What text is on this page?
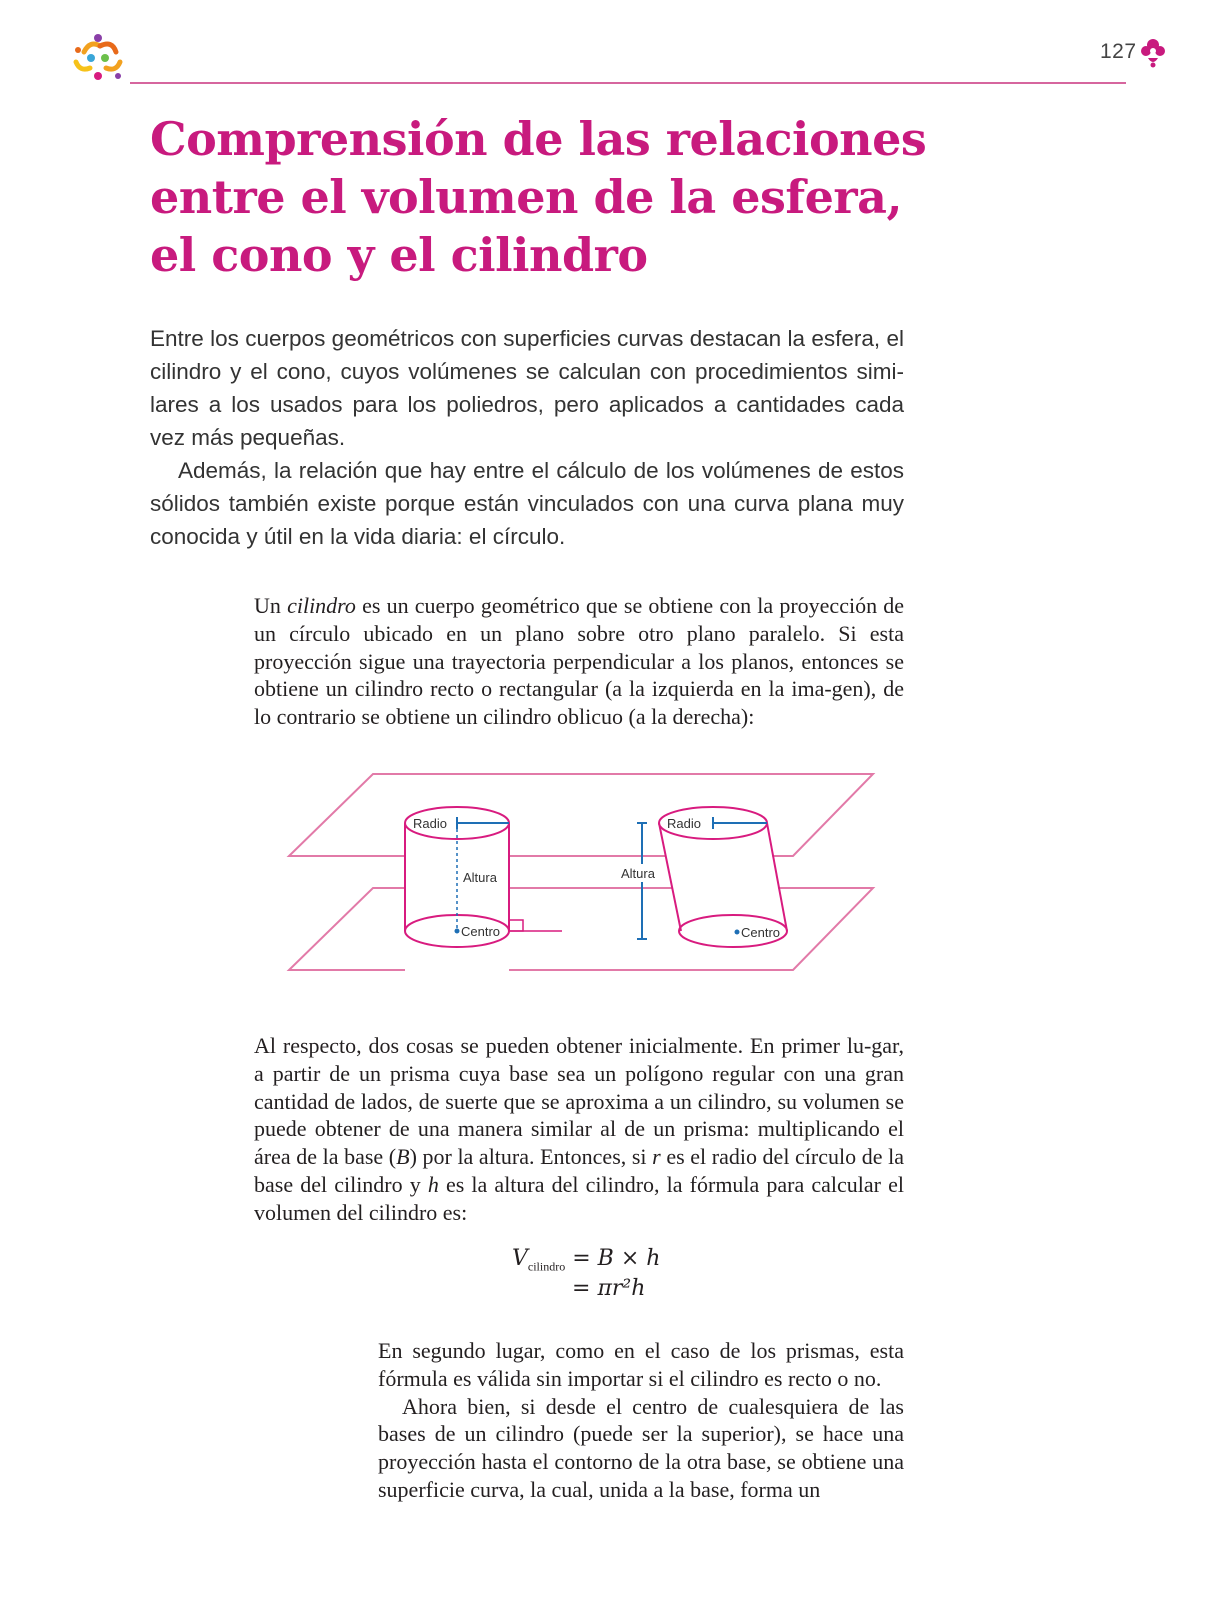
127
Comprensión de las relaciones
entre el volumen de la esfera,
el cono y el cilindro

Entre los cuerpos geométricos con superficies curvas destacan la esfera, el cilindro y el cono, cuyos volúmenes se calculan con procedimientos simi-lares a los usados para los poliedros, pero aplicados a cantidades cada vez más pequeñas.

Además, la relación que hay entre el cálculo de los volúmenes de estos sólidos también existe porque están vinculados con una curva plana muy conocida y útil en la vida diaria: el círculo.

Un cilindro es un cuerpo geométrico que se obtiene con la proyección de un círculo ubicado en un plano sobre otro plano paralelo. Si esta proyección sigue una trayectoria perpendicular a los planos, entonces se obtiene un cilindro recto o rectangular (a la izquierda en la ima-gen), de lo contrario se obtiene un cilindro oblicuo (a la derecha):

Radio
Altura
Centro
Radio
Altura
Centro

Al respecto, dos cosas se pueden obtener inicialmente. En primer lu-gar, a partir de un prisma cuya base sea un polígono regular con una gran cantidad de lados, de suerte que se aproxima a un cilindro, su volumen se puede obtener de una manera similar al de un prisma: multiplicando el área de la base (B) por la altura. Entonces, si r es el radio del círculo de la base del cilindro y h es la altura del cilindro, la fórmula para calcular el volumen del cilindro es:

$V_{cilindro} = B \times h$
= πr²h

En segundo lugar, como en el caso de los prismas, esta fórmula es válida sin importar si el cilindro es recto o no.

Ahora bien, si desde el centro de cualesquiera de las bases de un cilindro (puede ser la superior), se hace una proyección hasta el contorno de la otra base, se obtiene una superficie curva, la cual, unida a la base, forma un
